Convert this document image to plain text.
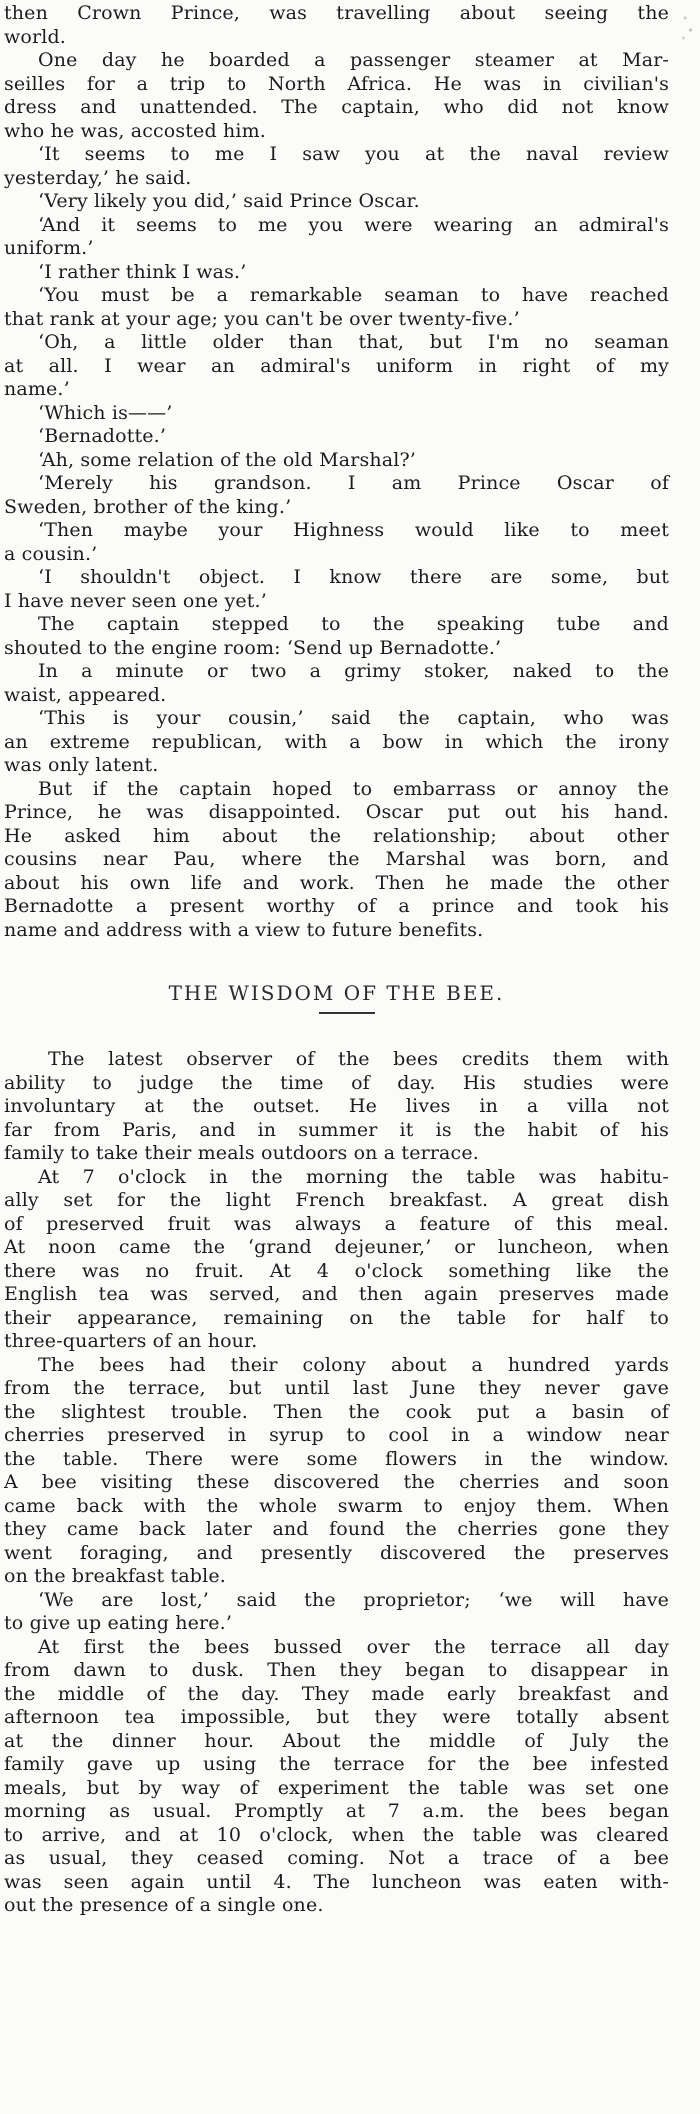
then Crown Prince, was travelling about seeing the
world.
One day he boarded a passenger steamer at Mar-
seilles for a trip to North Africa. He was in civilian's
dress and unattended. The captain, who did not know
who he was, accosted him.
‘It seems to me I saw you at the naval review
yesterday,’ he said.
‘Very likely you did,’ said Prince Oscar.
‘And it seems to me you were wearing an admiral's
uniform.’
‘I rather think I was.’
‘You must be a remarkable seaman to have reached
that rank at your age; you can't be over twenty-five.’
‘Oh, a little older than that, but I'm no seaman
at all. I wear an admiral's uniform in right of my
name.’
‘Which is——’
‘Bernadotte.’
‘Ah, some relation of the old Marshal?’
‘Merely his grandson. I am Prince Oscar of
Sweden, brother of the king.’
‘Then maybe your Highness would like to meet
a cousin.’
‘I shouldn't object. I know there are some, but
I have never seen one yet.’
The captain stepped to the speaking tube and
shouted to the engine room: ‘Send up Bernadotte.’
In a minute or two a grimy stoker, naked to the
waist, appeared.
‘This is your cousin,’ said the captain, who was
an extreme republican, with a bow in which the irony
was only latent.
But if the captain hoped to embarrass or annoy the
Prince, he was disappointed. Oscar put out his hand.
He asked him about the relationship; about other
cousins near Pau, where the Marshal was born, and
about his own life and work. Then he made the other
Bernadotte a present worthy of a prince and took his
name and address with a view to future benefits.
THE WISDOM OF THE BEE.
The latest observer of the bees credits them with
ability to judge the time of day. His studies were
involuntary at the outset. He lives in a villa not
far from Paris, and in summer it is the habit of his
family to take their meals outdoors on a terrace.
At 7 o'clock in the morning the table was habitu-
ally set for the light French breakfast. A great dish
of preserved fruit was always a feature of this meal.
At noon came the ‘grand dejeuner,’ or luncheon, when
there was no fruit. At 4 o'clock something like the
English tea was served, and then again preserves made
their appearance, remaining on the table for half to
three-quarters of an hour.
The bees had their colony about a hundred yards
from the terrace, but until last June they never gave
the slightest trouble. Then the cook put a basin of
cherries preserved in syrup to cool in a window near
the table. There were some flowers in the window.
A bee visiting these discovered the cherries and soon
came back with the whole swarm to enjoy them. When
they came back later and found the cherries gone they
went foraging, and presently discovered the preserves
on the breakfast table.
‘We are lost,’ said the proprietor; ‘we will have
to give up eating here.’
At first the bees bussed over the terrace all day
from dawn to dusk. Then they began to disappear in
the middle of the day. They made early breakfast and
afternoon tea impossible, but they were totally absent
at the dinner hour. About the middle of July the
family gave up using the terrace for the bee infested
meals, but by way of experiment the table was set one
morning as usual. Promptly at 7 a.m. the bees began
to arrive, and at 10 o'clock, when the table was cleared
as usual, they ceased coming. Not a trace of a bee
was seen again until 4. The luncheon was eaten with-
out the presence of a single one.
